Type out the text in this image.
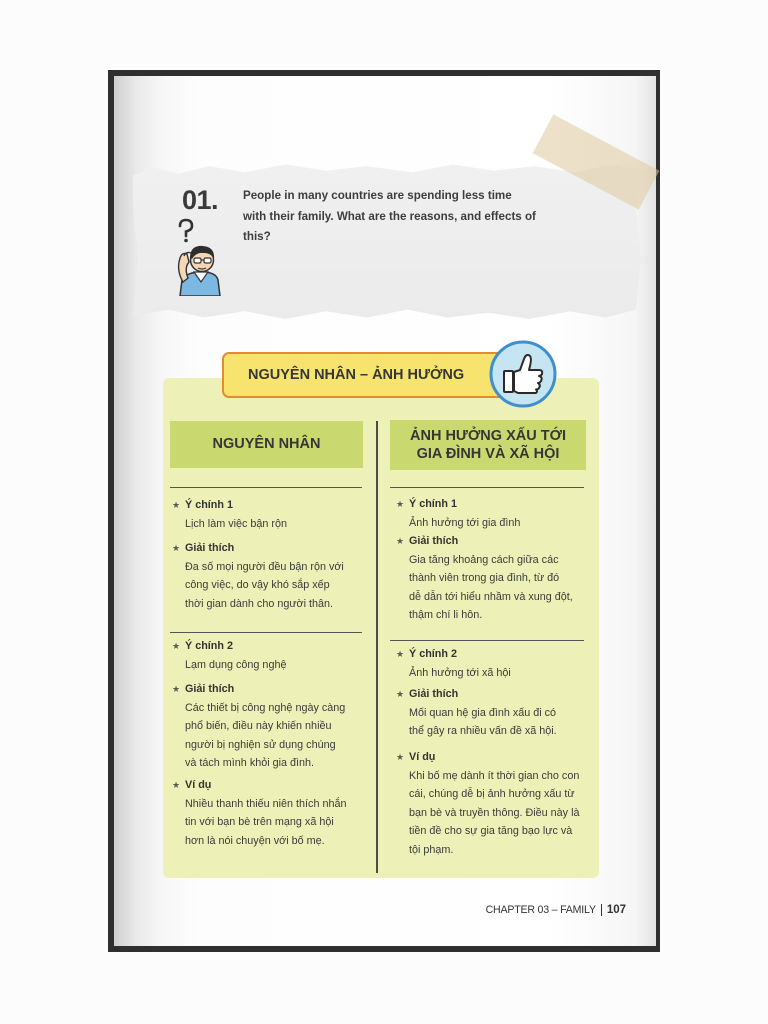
01. People in many countries are spending less time
with their family. What are the reasons, and effects of
this?
NGUYÊN NHÂN – ẢNH HƯỞNG
NGUYÊN NHÂN	ẢNH HƯỞNG XẤU TỚI
GIA ĐÌNH VÀ XÃ HỘI
★
Ý chính 1
Lịch làm việc bận rộn
★
Giải thích
Đa số mọi người đều bận rộn với
công việc, do vậy khó sắp xếp
thời gian dành cho người thân.
★
Ý chính 2
Lạm dụng công nghệ
★
Giải thích
Các thiết bị công nghệ ngày càng
phổ biến, điều này khiến nhiều
người bị nghiện sử dụng chúng
và tách mình khỏi gia đình.
★
Ví dụ
Nhiều thanh thiếu niên thích nhắn
tin với bạn bè trên mạng xã hội
hơn là nói chuyện với bố mẹ.
★
Ý chính 1
Ảnh hưởng tới gia đình
★
Giải thích
Gia tăng khoảng cách giữa các
thành viên trong gia đình, từ đó
dễ dẫn tới hiểu nhầm và xung đột,
thậm chí li hôn.
★
Ý chính 2
Ảnh hưởng tới xã hội
★
Giải thích
Mối quan hệ gia đình xấu đi có
thể gây ra nhiều vấn đề xã hội.
★
Ví dụ
Khi bố mẹ dành ít thời gian cho con
cái, chúng dễ bị ảnh hưởng xấu từ
bạn bè và truyền thông. Điều này là
tiền đề cho sự gia tăng bạo lực và
tội phạm.
CHAPTER 03 – FAMILY 107
